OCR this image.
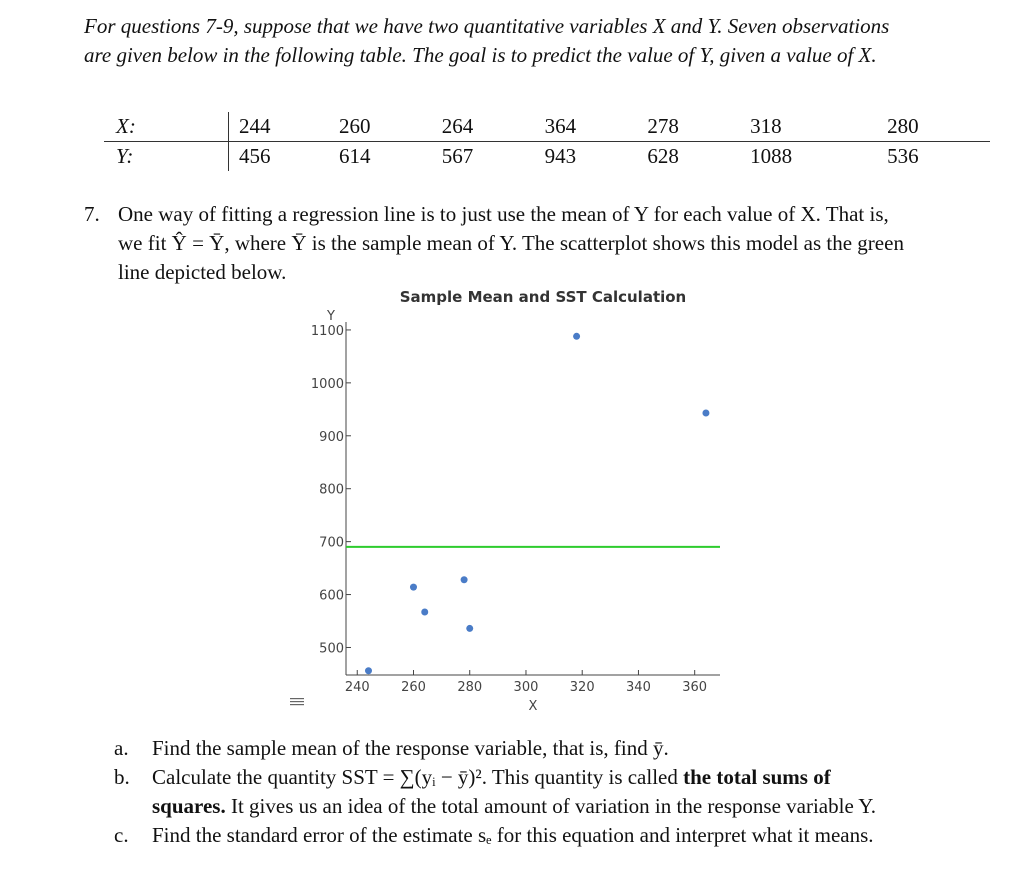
For questions 7-9, suppose that we have two quantitative variables X and Y. Seven observations
are given below in the following table. The goal is to predict the value of Y, given a value of X.
X:	244	260	264	364	278	318	280
Y:	456	614	567	943	628	1088	536
7. One way of fitting a regression line is to just use the mean of Y for each value of X. That is,
we fit Ŷ = Ȳ, where Ȳ is the sample mean of Y. The scatterplot shows this model as the green
line depicted below.
Sample Mean and SST Calculation
Y
X
500
600
700
800
900
1000
1100
240 260 280 300 320 340 360
a. Find the sample mean of the response variable, that is, find ȳ.
b. Calculate the quantity SST = ∑(yᵢ − ȳ)². This quantity is called the total sums of
squares. It gives us an idea of the total amount of variation in the response variable Y.
c. Find the standard error of the estimate sₑ for this equation and interpret what it means.
